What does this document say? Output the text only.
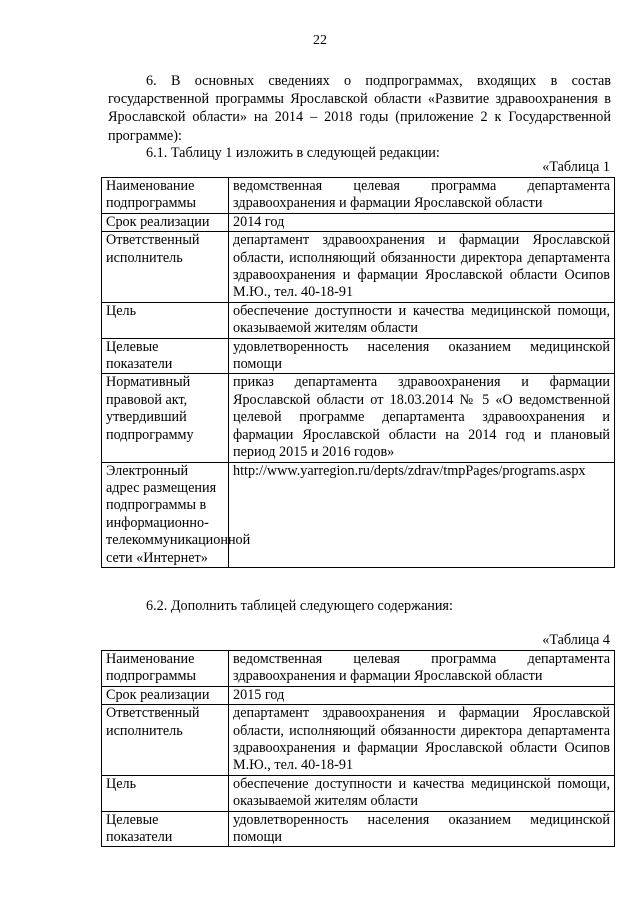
22
6. В основных сведениях о подпрограммах, входящих в состав государственной программы Ярославской области «Развитие здравоохранения в Ярославской области» на 2014 – 2018 годы (приложение 2 к Государственной программе):
6.1. Таблицу 1 изложить в следующей редакции:
«Таблица 1
Наименование подпрограммы	ведомственная целевая программа департамента здравоохранения и фармации Ярославской области
Срок реализации	2014 год
Ответственный исполнитель	департамент здравоохранения и фармации Ярославской области, исполняющий обязанности директора департамента здравоохранения и фармации Ярославской области Осипов М.Ю., тел. 40-18-91
Цель	обеспечение доступности и качества медицинской помощи, оказываемой жителям области
Целевые показатели	удовлетворенность населения оказанием медицинской помощи
Нормативный правовой акт, утвердивший подпрограмму	приказ департамента здравоохранения и фармации Ярославской области от 18.03.2014 № 5 «О ведомственной целевой программе департамента здравоохранения и фармации Ярославской области на 2014 год и плановый период 2015 и 2016 годов»
Электронный адрес размещения подпрограммы в информационно-телекоммуникационной сети «Интернет»	http://www.yarregion.ru/depts/zdrav/tmpPages/programs.aspx
6.2. Дополнить таблицей следующего содержания:
«Таблица 4
Наименование подпрограммы	ведомственная целевая программа департамента здравоохранения и фармации Ярославской области
Срок реализации	2015 год
Ответственный исполнитель	департамент здравоохранения и фармации Ярославской области, исполняющий обязанности директора департамента здравоохранения и фармации Ярославской области Осипов М.Ю., тел. 40-18-91
Цель	обеспечение доступности и качества медицинской помощи, оказываемой жителям области
Целевые показатели	удовлетворенность населения оказанием медицинской помощи
